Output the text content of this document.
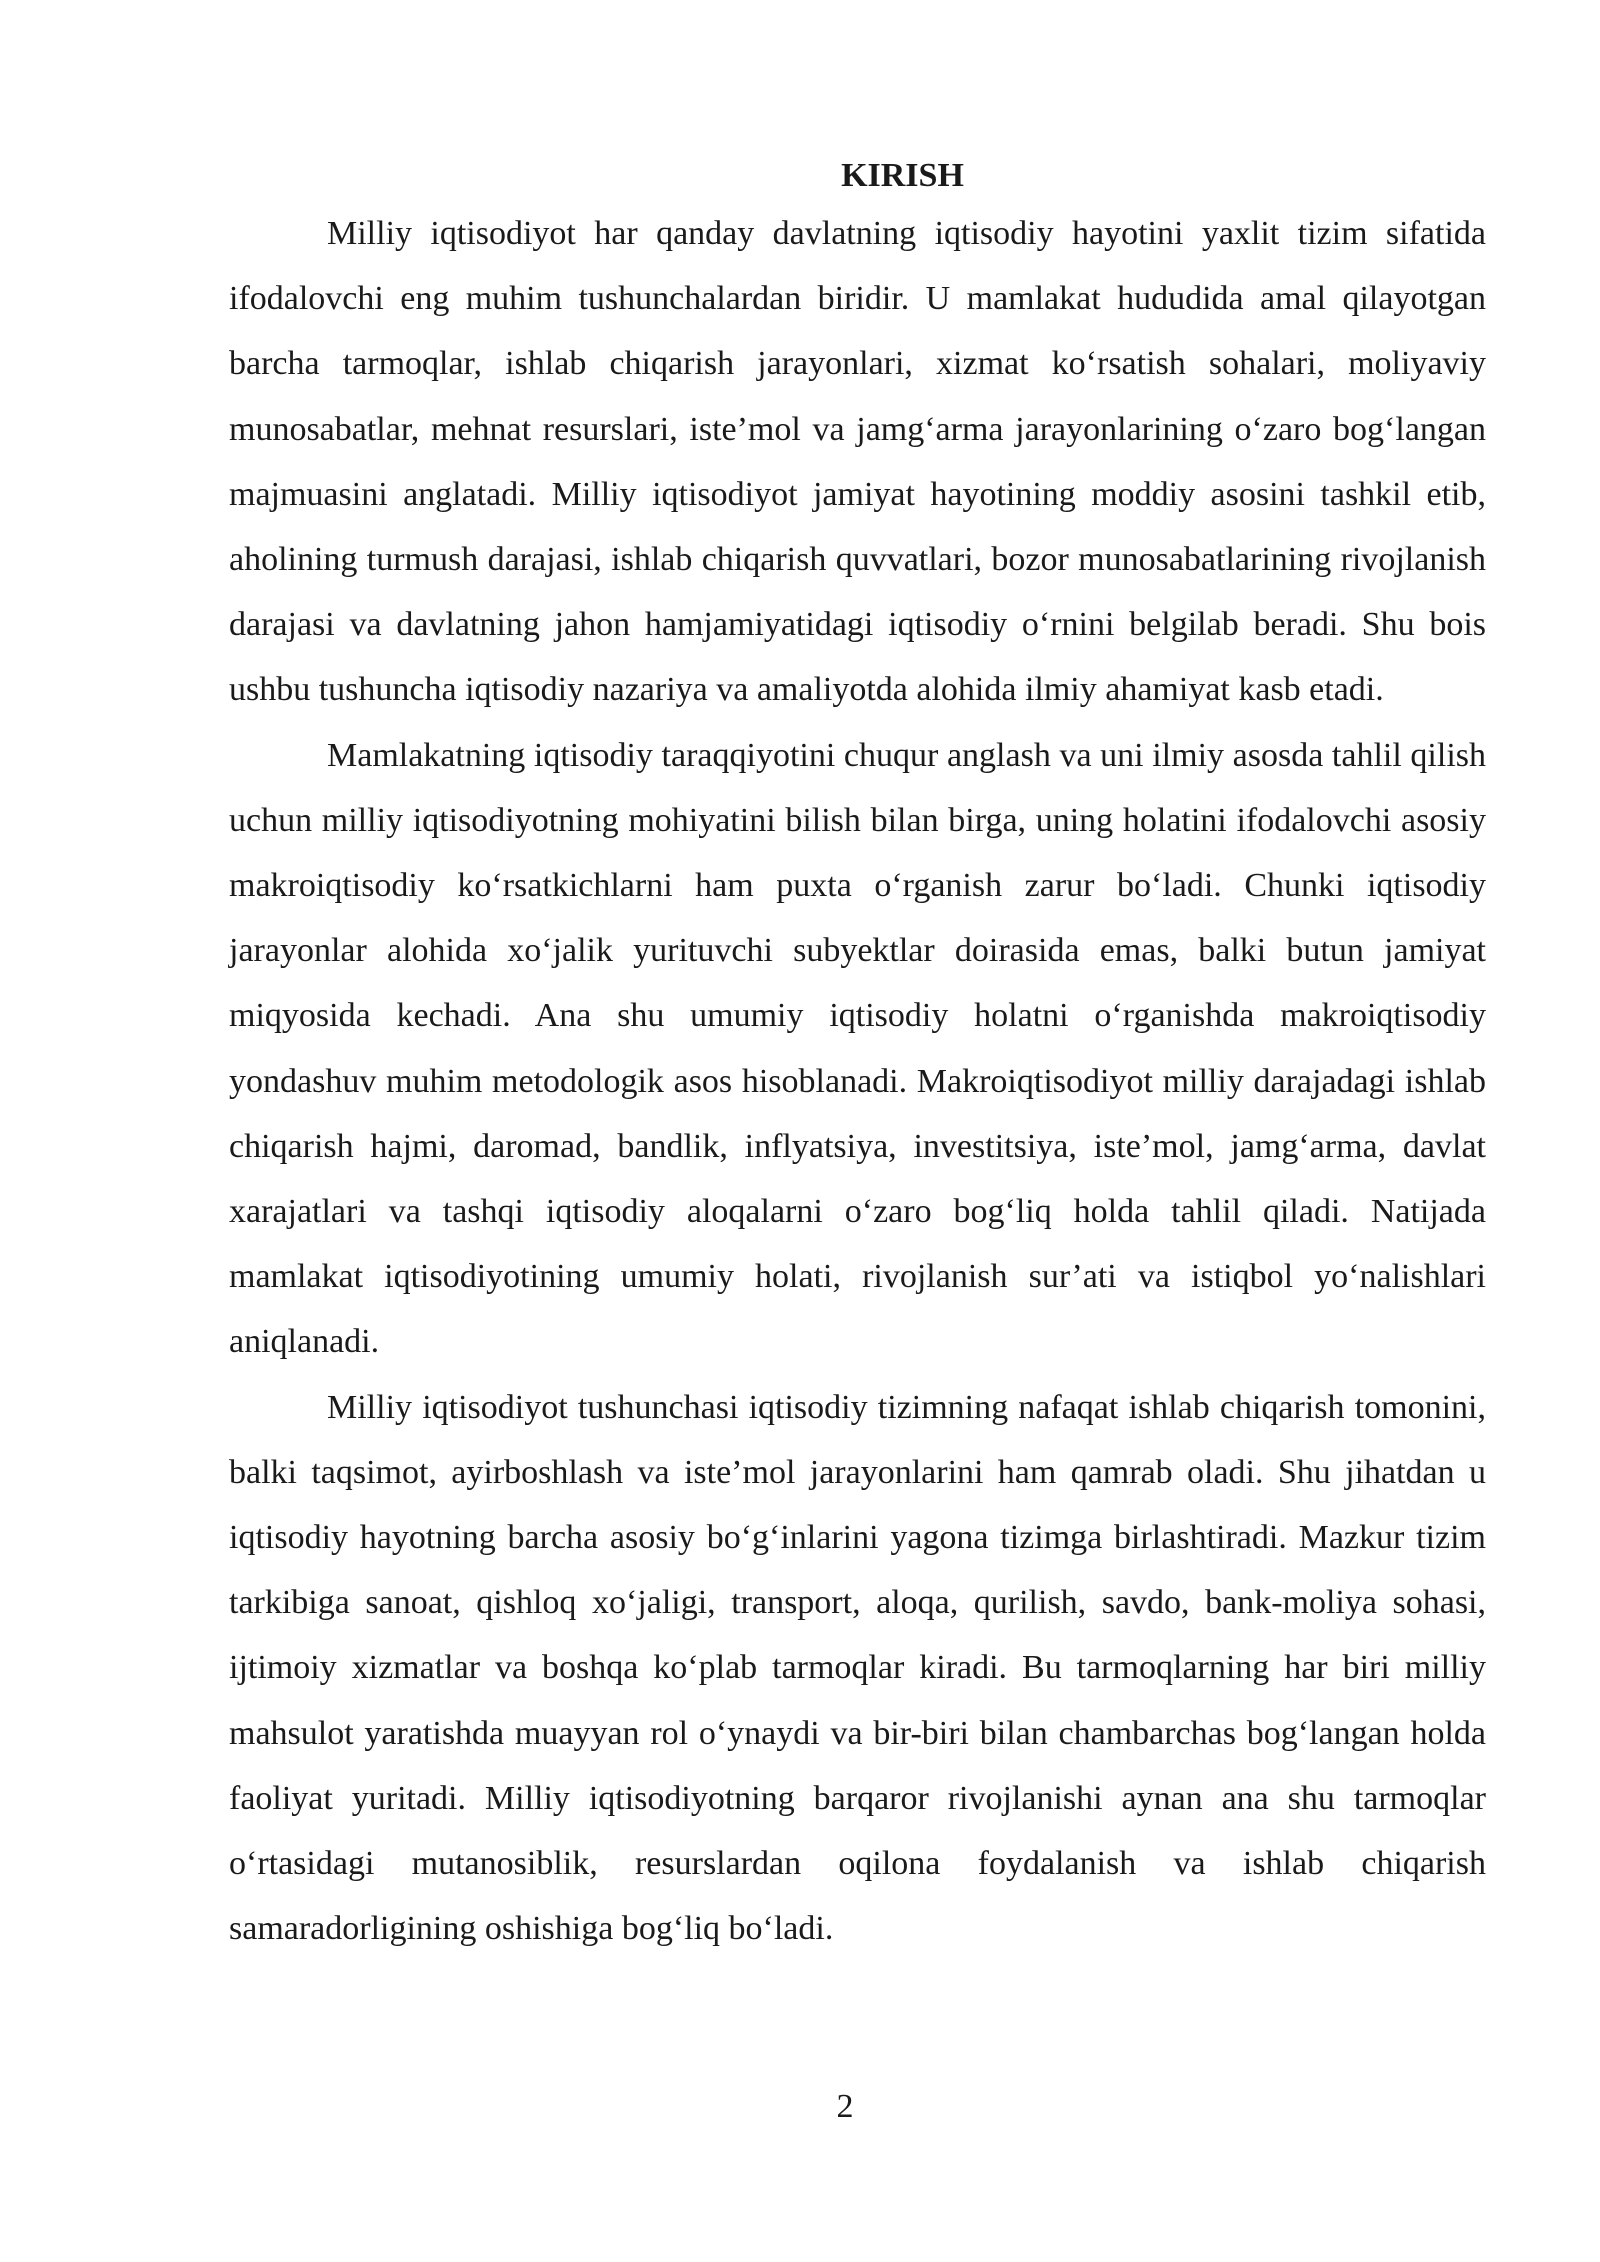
KIRISH

Milliy iqtisodiyot har qanday davlatning iqtisodiy hayotini yaxlit tizim sifatida ifodalovchi eng muhim tushunchalardan biridir. U mamlakat hududida amal qilayotgan barcha tarmoqlar, ishlab chiqarish jarayonlari, xizmat ko‘rsatish sohalari, moliyaviy munosabatlar, mehnat resurslari, iste’mol va jamg‘arma jarayonlarining o‘zaro bog‘langan majmuasini anglatadi. Milliy iqtisodiyot jamiyat hayotining moddiy asosini tashkil etib, aholining turmush darajasi, ishlab chiqarish quvvatlari, bozor munosabatlarining rivojlanish darajasi va davlatning jahon hamjamiyatidagi iqtisodiy o‘rnini belgilab beradi. Shu bois ushbu tushuncha iqtisodiy nazariya va amaliyotda alohida ilmiy ahamiyat kasb etadi.

Mamlakatning iqtisodiy taraqqiyotini chuqur anglash va uni ilmiy asosda tahlil qilish uchun milliy iqtisodiyotning mohiyatini bilish bilan birga, uning holatini ifodalovchi asosiy makroiqtisodiy ko‘rsatkichlarni ham puxta o‘rganish zarur bo‘ladi. Chunki iqtisodiy jarayonlar alohida xo‘jalik yurituvchi subyektlar doirasida emas, balki butun jamiyat miqyosida kechadi. Ana shu umumiy iqtisodiy holatni o‘rganishda makroiqtisodiy yondashuv muhim metodologik asos hisoblanadi. Makroiqtisodiyot milliy darajadagi ishlab chiqarish hajmi, daromad, bandlik, inflyatsiya, investitsiya, iste’mol, jamg‘arma, davlat xarajatlari va tashqi iqtisodiy aloqalarni o‘zaro bog‘liq holda tahlil qiladi. Natijada mamlakat iqtisodiyotining umumiy holati, rivojlanish sur’ati va istiqbol yo‘nalishlari aniqlanadi.

Milliy iqtisodiyot tushunchasi iqtisodiy tizimning nafaqat ishlab chiqarish tomonini, balki taqsimot, ayirboshlash va iste’mol jarayonlarini ham qamrab oladi. Shu jihatdan u iqtisodiy hayotning barcha asosiy bo‘g‘inlarini yagona tizimga birlashtiradi. Mazkur tizim tarkibiga sanoat, qishloq xo‘jaligi, transport, aloqa, qurilish, savdo, bank-moliya sohasi, ijtimoiy xizmatlar va boshqa ko‘plab tarmoqlar kiradi. Bu tarmoqlarning har biri milliy mahsulot yaratishda muayyan rol o‘ynaydi va bir-biri bilan chambarchas bog‘langan holda faoliyat yuritadi. Milliy iqtisodiyotning barqaror rivojlanishi aynan ana shu tarmoqlar o‘rtasidagi mutanosiblik, resurslardan oqilona foydalanish va ishlab chiqarish samaradorligining oshishiga bog‘liq bo‘ladi.

2
